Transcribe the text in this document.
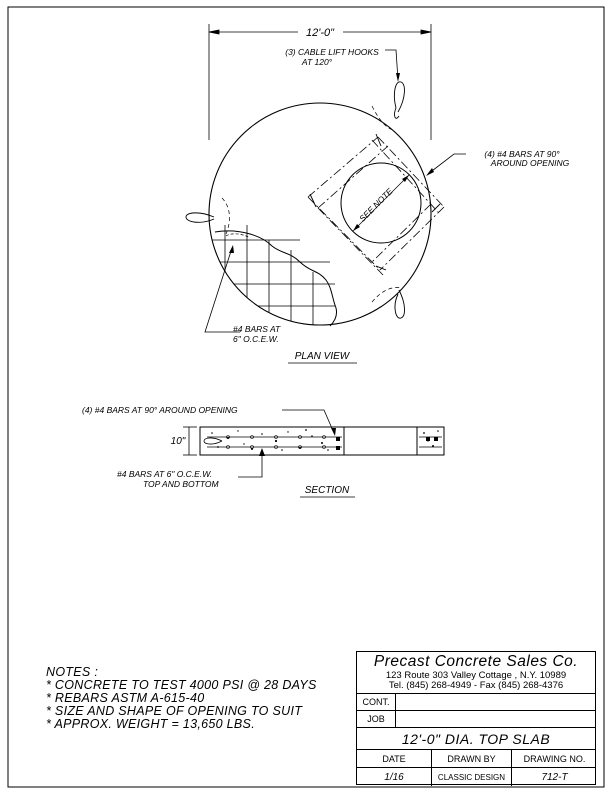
12'-0"
(3) CABLE LIFT HOOKS
AT 120°
SEE NOTE
(4) #4 BARS AT 90°
AROUND OPENING
#4 BARS AT
6" O.C.E.W.
PLAN VIEW
10"
(4) #4 BARS AT 90° AROUND OPENING
#4 BARS AT 6" O.C.E.W.
TOP AND BOTTOM
SECTION
NOTES :
* CONCRETE TO TEST 4000 PSI @ 28 DAYS
* REBARS ASTM A-615-40
* SIZE AND SHAPE OF OPENING TO SUIT
* APPROX. WEIGHT = 13,650 LBS.
Precast Concrete Sales Co.
123 Route 303 Valley Cottage , N.Y. 10989
Tel. (845) 268-4949 - Fax (845) 268-4376
CONT.
JOB
12'-0" DIA. TOP SLAB
DATE	DRAWN BY	DRAWING NO.
1/16	CLASSIC DESIGN	712-T
